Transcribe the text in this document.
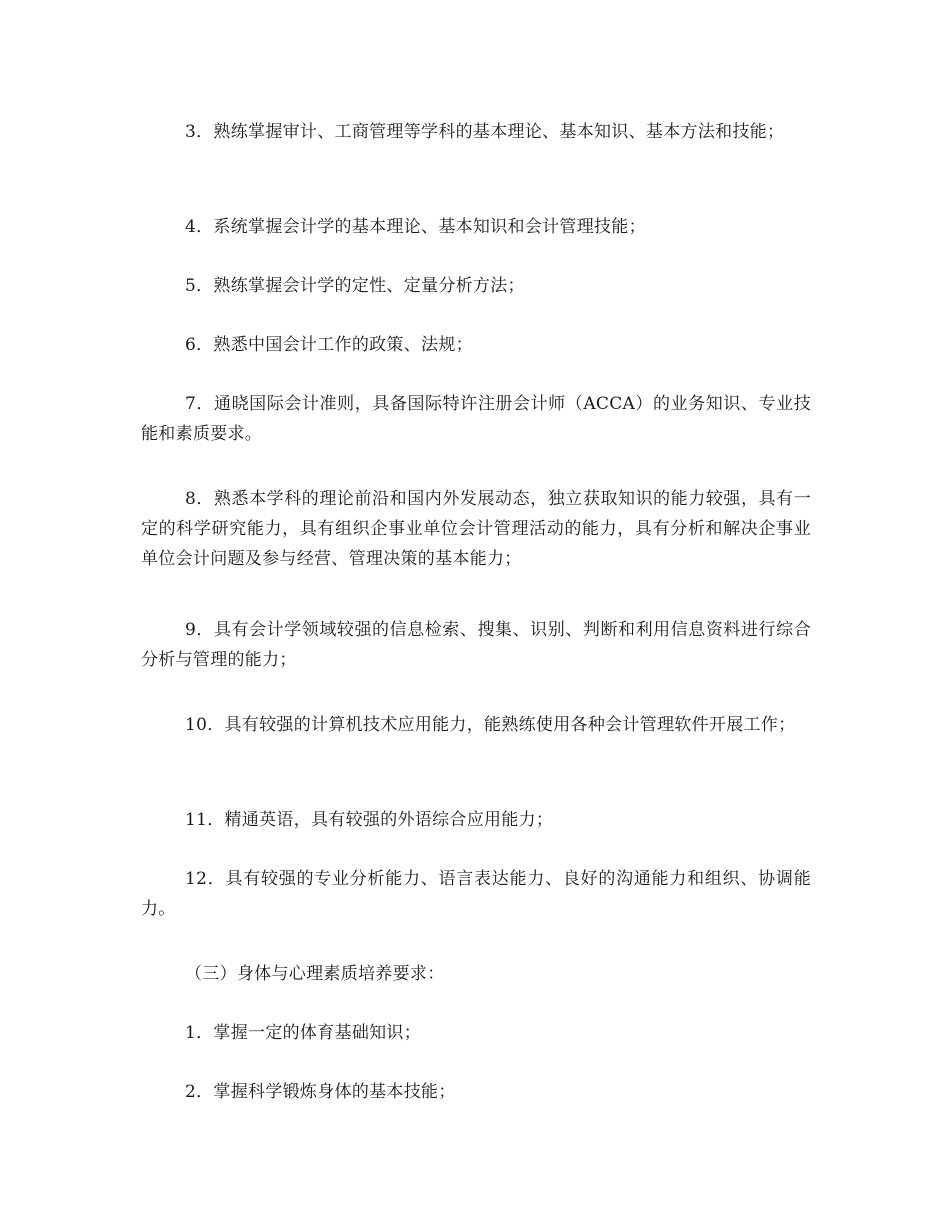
3．熟练掌握审计、工商管理等学科的基本理论、基本知识、基本方法和技能；

4．系统掌握会计学的基本理论、基本知识和会计管理技能；

5．熟练掌握会计学的定性、定量分析方法；

6．熟悉中国会计工作的政策、法规；

7．通晓国际会计准则，具备国际特许注册会计师（ACCA）的业务知识、专业技能和素质要求。

8．熟悉本学科的理论前沿和国内外发展动态，独立获取知识的能力较强，具有一定的科学研究能力，具有组织企事业单位会计管理活动的能力，具有分析和解决企事业单位会计问题及参与经营、管理决策的基本能力；

9．具有会计学领域较强的信息检索、搜集、识别、判断和利用信息资料进行综合分析与管理的能力；

10．具有较强的计算机技术应用能力，能熟练使用各种会计管理软件开展工作；

11．精通英语，具有较强的外语综合应用能力；

12．具有较强的专业分析能力、语言表达能力、良好的沟通能力和组织、协调能力。

（三）身体与心理素质培养要求：

1．掌握一定的体育基础知识；

2．掌握科学锻炼身体的基本技能；
